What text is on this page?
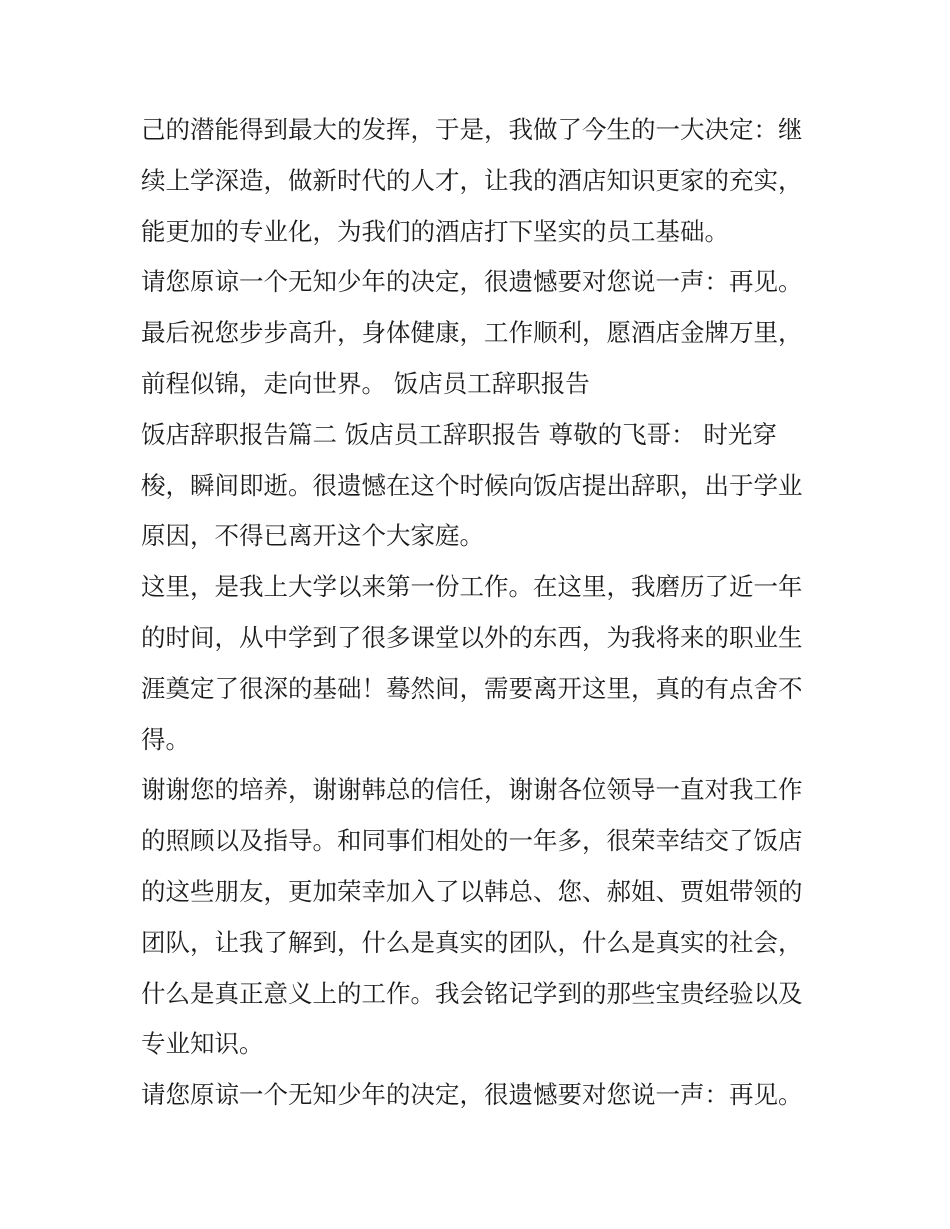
己的潜能得到最大的发挥，于是，我做了今生的一大决定：继
续上学深造，做新时代的人才，让我的酒店知识更家的充实，
能更加的专业化，为我们的酒店打下坚实的员工基础。
请您原谅一个无知少年的决定，很遗憾要对您说一声：再见。
最后祝您步步高升，身体健康，工作顺利，愿酒店金牌万里，
前程似锦，走向世界。 饭店员工辞职报告
饭店辞职报告篇二 饭店员工辞职报告 尊敬的飞哥： 时光穿
梭，瞬间即逝。很遗憾在这个时候向饭店提出辞职，出于学业
原因，不得已离开这个大家庭。
这里，是我上大学以来第一份工作。在这里，我磨历了近一年
的时间，从中学到了很多课堂以外的东西，为我将来的职业生
涯奠定了很深的基础！蓦然间，需要离开这里，真的有点舍不
得。
谢谢您的培养，谢谢韩总的信任，谢谢各位领导一直对我工作
的照顾以及指导。和同事们相处的一年多，很荣幸结交了饭店
的这些朋友，更加荣幸加入了以韩总、您、郝姐、贾姐带领的
团队，让我了解到，什么是真实的团队，什么是真实的社会，
什么是真正意义上的工作。我会铭记学到的那些宝贵经验以及
专业知识。
请您原谅一个无知少年的决定，很遗憾要对您说一声：再见。
